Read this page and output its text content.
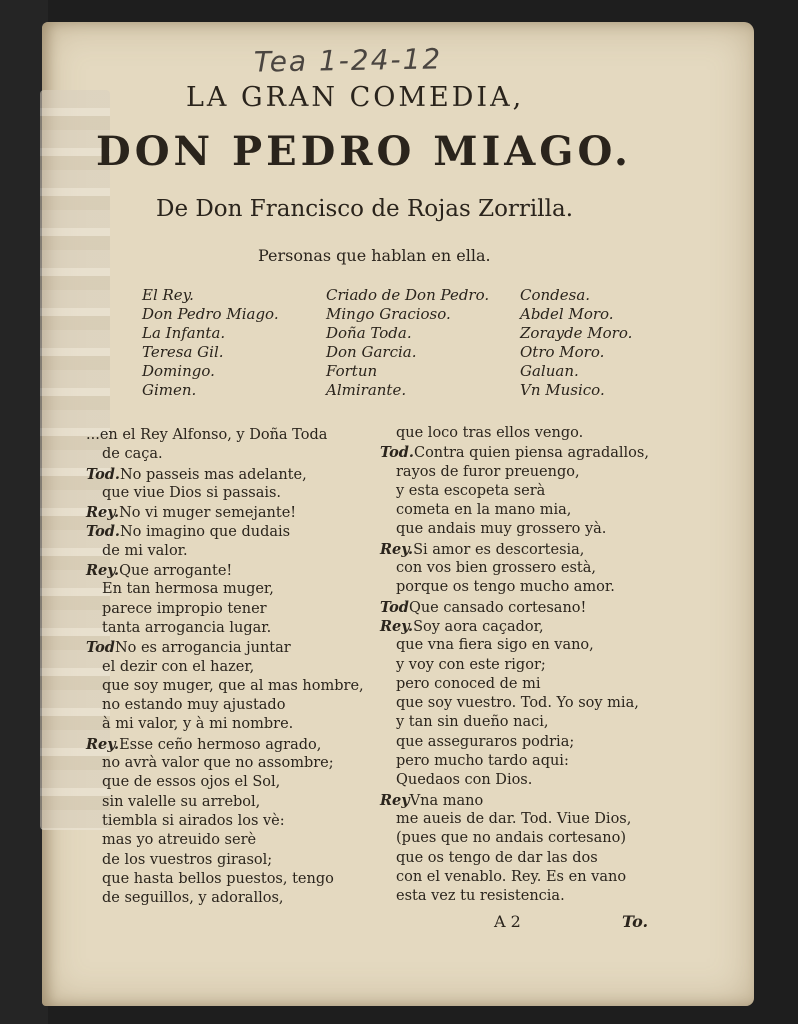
Tea 1-24-12
LA GRAN COMEDIA,
DON PEDRO MIAGO.
De Don Francisco de Rojas Zorrilla.
Personas que hablan en ella.
El Rey.
Don Pedro Miago.
La Infanta.
Teresa Gil.
Domingo.
Gimen.
Criado de Don Pedro.
Mingo Gracioso.
Doña Toda.
Don Garcia.
Fortun
Almirante.
Condesa.
Abdel Moro.
Zorayde Moro.
Otro Moro.
Galuan.
Vn Musico.
...en el Rey Alfonso, y Doña Toda
de caça.
Tod.No passeis mas adelante,
que viue Dios si passais.
Rey.No vi muger semejante!
Tod.No imagino que dudais
de mi valor.
Rey.Que arrogante!
En tan hermosa muger,
parece impropio tener
tanta arrogancia lugar.
TodNo es arrogancia juntar
el dezir con el hazer,
que soy muger, que al mas hombre,
no estando muy ajustado
à mi valor, y à mi nombre.
Rey.Esse ceño hermoso agrado,
no avrà valor que no assombre;
que de essos ojos el Sol,
sin valelle su arrebol,
tiembla si airados los vè:
mas yo atreuido serè
de los vuestros girasol;
que hasta bellos puestos, tengo
de seguillos, y adorallos,
que loco tras ellos vengo.
Tod.Contra quien piensa agradallos,
rayos de furor preuengo,
y esta escopeta serà
cometa en la mano mia,
que andais muy grossero yà.
Rey.Si amor es descortesia,
con vos bien grossero està,
porque os tengo mucho amor.
TodQue cansado cortesano!
Rey.Soy aora caçador,
que vna fiera sigo en vano,
y voy con este rigor;
pero conoced de mi
que soy vuestro. Tod. Yo soy mia,
y tan sin dueño naci,
que asseguraros podria;
pero mucho tardo aqui:
Quedaos con Dios.
ReyVna mano
me aueis de dar. Tod. Viue Dios,
(pues que no andais cortesano)
que os tengo de dar las dos
con el venablo. Rey. Es en vano
esta vez tu resistencia.
A 2	To.
